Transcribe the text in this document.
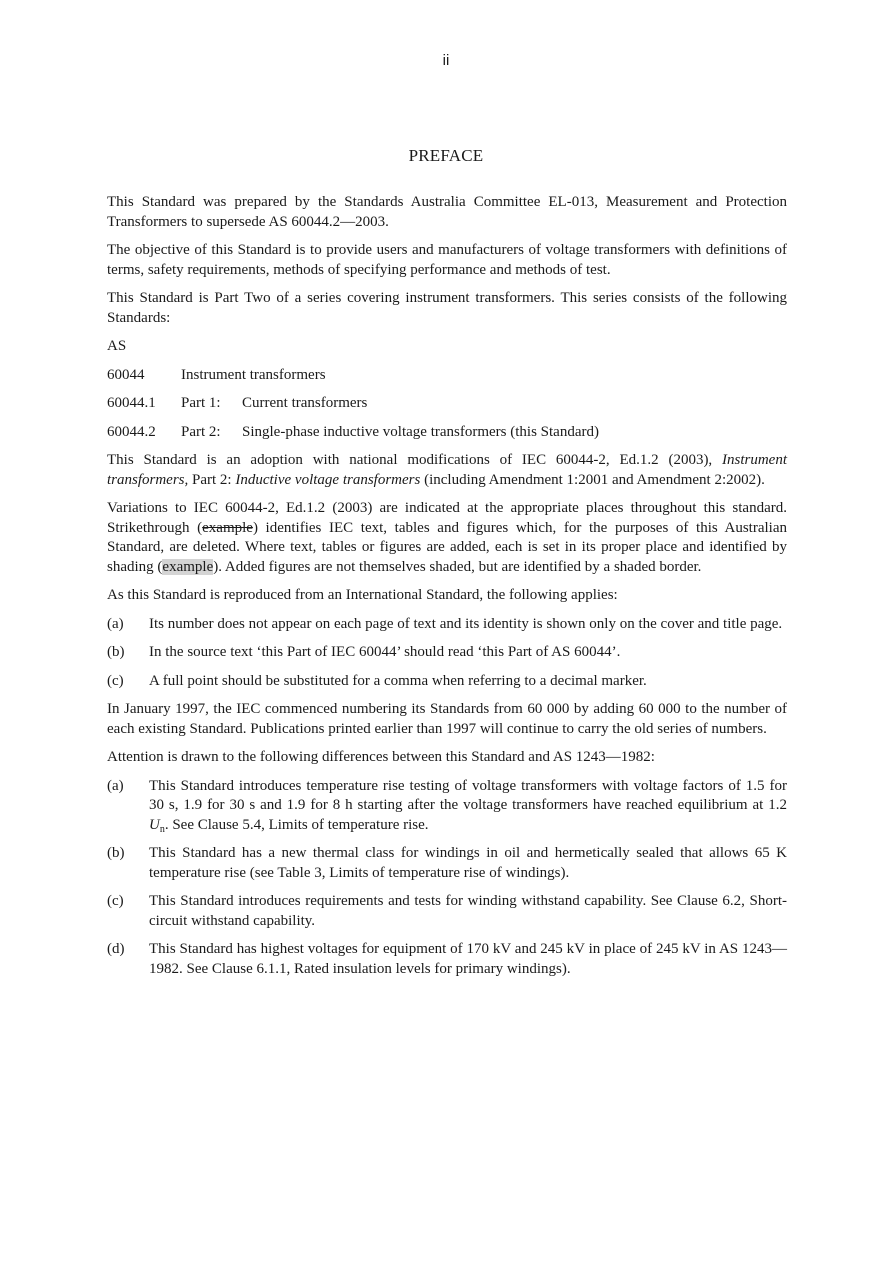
ii
PREFACE

This Standard was prepared by the Standards Australia Committee EL-013, Measurement and Protection Transformers to supersede AS 60044.2—2003.

The objective of this Standard is to provide users and manufacturers of voltage transformers with definitions of terms, safety requirements, methods of specifying performance and methods of test.

This Standard is Part Two of a series covering instrument transformers. This series consists of the following Standards:

AS

60044	Instrument transformers
60044.1	Part 1:	Current transformers
60044.2	Part 2:	Single-phase inductive voltage transformers (this Standard)

This Standard is an adoption with national modifications of IEC 60044-2, Ed.1.2 (2003), Instrument transformers, Part 2: Inductive voltage transformers (including Amendment 1:2001 and Amendment 2:2002).

Variations to IEC 60044-2, Ed.1.2 (2003) are indicated at the appropriate places throughout this standard. Strikethrough (example) identifies IEC text, tables and figures which, for the purposes of this Australian Standard, are deleted. Where text, tables or figures are added, each is set in its proper place and identified by shading (example). Added figures are not themselves shaded, but are identified by a shaded border.

As this Standard is reproduced from an International Standard, the following applies:

(a)	Its number does not appear on each page of text and its identity is shown only on the cover and title page.
(b)	In the source text ‘this Part of IEC 60044’ should read ‘this Part of AS 60044’.
(c)	A full point should be substituted for a comma when referring to a decimal marker.

In January 1997, the IEC commenced numbering its Standards from 60 000 by adding 60 000 to the number of each existing Standard. Publications printed earlier than 1997 will continue to carry the old series of numbers.

Attention is drawn to the following differences between this Standard and AS 1243—1982:

(a)	This Standard introduces temperature rise testing of voltage transformers with voltage factors of 1.5 for 30 s, 1.9 for 30 s and 1.9 for 8 h starting after the voltage transformers have reached equilibrium at 1.2 $U_n$. See Clause 5.4, Limits of temperature rise.
(b)	This Standard has a new thermal class for windings in oil and hermetically sealed that allows 65 K temperature rise (see Table 3, Limits of temperature rise of windings).
(c)	This Standard introduces requirements and tests for winding withstand capability. See Clause 6.2, Short-circuit withstand capability.
(d)	This Standard has highest voltages for equipment of 170 kV and 245 kV in place of 245 kV in AS 1243—1982. See Clause 6.1.1, Rated insulation levels for primary windings).
